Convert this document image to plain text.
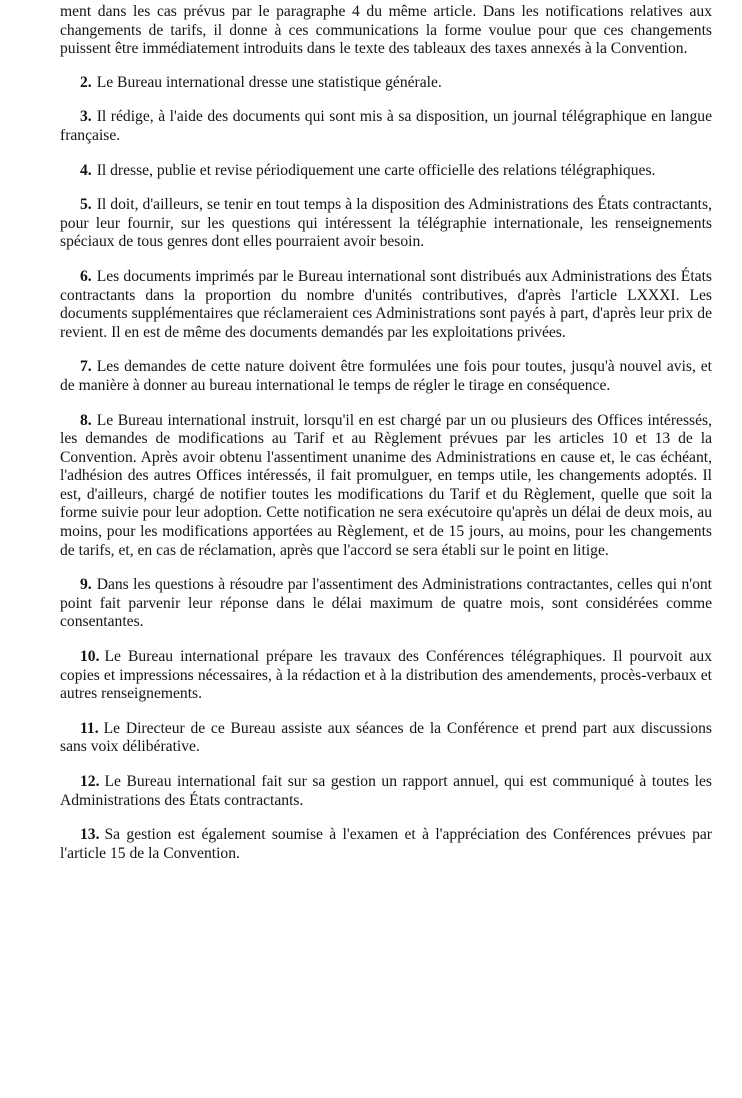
ment dans les cas prévus par le paragraphe 4 du même article. Dans les notifications relatives aux changements de tarifs, il donne à ces communications la forme voulue pour que ces changements puissent être immédiatement introduits dans le texte des tableaux des taxes annexés à la Convention.

2. Le Bureau international dresse une statistique générale.

3. Il rédige, à l'aide des documents qui sont mis à sa disposition, un journal télégraphique en langue française.

4. Il dresse, publie et revise périodiquement une carte officielle des relations télégraphiques.

5. Il doit, d'ailleurs, se tenir en tout temps à la disposition des Administrations des États contractants, pour leur fournir, sur les questions qui intéressent la télégraphie internationale, les renseignements spéciaux de tous genres dont elles pourraient avoir besoin.

6. Les documents imprimés par le Bureau international sont distribués aux Administrations des États contractants dans la proportion du nombre d'unités contributives, d'après l'article LXXXI. Les documents supplémentaires que réclameraient ces Administrations sont payés à part, d'après leur prix de revient. Il en est de même des documents demandés par les exploitations privées.

7. Les demandes de cette nature doivent être formulées une fois pour toutes, jusqu'à nouvel avis, et de manière à donner au bureau international le temps de régler le tirage en conséquence.

8. Le Bureau international instruit, lorsqu'il en est chargé par un ou plusieurs des Offices intéressés, les demandes de modifications au Tarif et au Règlement prévues par les articles 10 et 13 de la Convention. Après avoir obtenu l'assentiment unanime des Administrations en cause et, le cas échéant, l'adhésion des autres Offices intéressés, il fait promulguer, en temps utile, les changements adoptés. Il est, d'ailleurs, chargé de notifier toutes les modifications du Tarif et du Règlement, quelle que soit la forme suivie pour leur adoption. Cette notification ne sera exécutoire qu'après un délai de deux mois, au moins, pour les modifications apportées au Règlement, et de 15 jours, au moins, pour les changements de tarifs, et, en cas de réclamation, après que l'accord se sera établi sur le point en litige.

9. Dans les questions à résoudre par l'assentiment des Administrations contractantes, celles qui n'ont point fait parvenir leur réponse dans le délai maximum de quatre mois, sont considérées comme consentantes.

10. Le Bureau international prépare les travaux des Conférences télégraphiques. Il pourvoit aux copies et impressions nécessaires, à la rédaction et à la distribution des amendements, procès-verbaux et autres renseignements.

11. Le Directeur de ce Bureau assiste aux séances de la Conférence et prend part aux discussions sans voix délibérative.

12. Le Bureau international fait sur sa gestion un rapport annuel, qui est communiqué à toutes les Administrations des États contractants.

13. Sa gestion est également soumise à l'examen et à l'appréciation des Conférences prévues par l'article 15 de la Convention.
